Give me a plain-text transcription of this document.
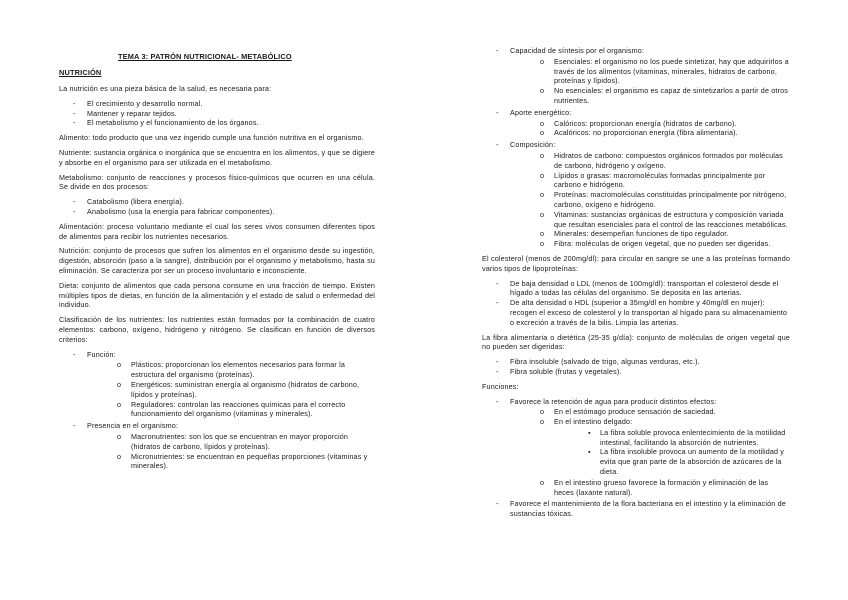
TEMA 3: PATRÓN NUTRICIONAL- METABÓLICO
NUTRICIÓN

La nutrición es una pieza básica de la salud, es necesaria para:

- El crecimiento y desarrollo normal.
- Mantener y reparar tejidos.
- El metabolismo y el funcionamiento de los órganos.

Alimento: todo producto que una vez ingerido cumple una función nutritiva en el organismo.

Nutriente: sustancia orgánica o inorgánica que se encuentra en los alimentos, y que se digiere y absorbe en el organismo para ser utilizada en el metabolismo.

Metabolismo: conjunto de reacciones y procesos físico-químicos que ocurren en una célula. Se divide en dos procesos:

- Catabolismo (libera energía).
- Anabolismo (usa la energía para fabricar componentes).

Alimentación: proceso voluntario mediante el cual los seres vivos consumen diferentes tipos de alimentos para recibir los nutrientes necesarios.

Nutrición: conjunto de procesos que sufren los alimentos en el organismo desde su ingestión, digestión, absorción (paso a la sangre), distribución por el organismo y metabolismo, hasta su eliminación. Se caracteriza por ser un proceso involuntario e inconsciente.

Dieta: conjunto de alimentos que cada persona consume en una fracción de tiempo. Existen múltiples tipos de dietas, en función de la alimentación y el estado de salud o enfermedad del individuo.

Clasificación de los nutrientes: los nutrientes están formados por la combinación de cuatro elementos: carbono, oxígeno, hidrógeno y nitrógeno. Se clasifican en función de diversos criterios:

- Función:
o Plásticos: proporcionan los elementos necesarios para formar la estructura del organismo (proteínas).
o Energéticos: suministran energía al organismo (hidratos de carbono, lípidos y proteínas).
o Reguladores: controlan las reacciones químicas para el correcto funcionamiento del organismo (vitaminas y minerales).
- Presencia en el organismo:
o Macronutrientes: son los que se encuentran en mayor proporción (hidratos de carbono, lípidos y proteínas).
o Micronutrientes: se encuentran en pequeñas proporciones (vitaminas y minerales).
- Capacidad de síntesis por el organismo:
o Esenciales: el organismo no los puede sintetizar, hay que adquirirlos a través de los alimentos (vitaminas, minerales, hidratos de carbono, proteínas y lípidos).
o No esenciales: el organismo es capaz de sintetizarlos a partir de otros nutrientes.
- Aporte energético:
o Calóricos: proporcionan energía (hidratos de carbono).
o Acalóricos: no proporcionan energía (fibra alimentaria).
- Composición:
o Hidratos de carbono: compuestos orgánicos formados por moléculas de carbono, hidrógeno y oxígeno.
o Lípidos o grasas: macromoléculas formadas principalmente por carbono e hidrógeno.
o Proteínas: macromoléculas constituidas principalmente por nitrógeno, carbono, oxígeno e hidrógeno.
o Vitaminas: sustancias orgánicas de estructura y composición variada que resultan esenciales para el control de las reacciones metabólicas.
o Minerales: desempeñan funciones de tipo regulador.
o Fibra: moléculas de origen vegetal, que no pueden ser digeridas.

El colesterol (menos de 200mg/dl): para circular en sangre se une a las proteínas formando varios tipos de lipoproteínas:

- De baja densidad o LDL (menos de 100mg/dl): transportan el colesterol desde el hígado a todas las células del organismo. Se deposita en las arterias.
- De alta densidad o HDL (superior a 35mg/dl en hombre y 40mg/dl en mujer): recogen el exceso de colesterol y lo transportan al hígado para su almacenamiento o excreción a través de la bilis. Limpia las arterias.

La fibra alimentaria o dietética (25-35 g/día): conjunto de moléculas de origen vegetal que no pueden ser digeridas:

- Fibra insoluble (salvado de trigo, algunas verduras, etc.).
- Fibra soluble (frutas y vegetales).

Funciones:

- Favorece la retención de agua para producir distintos efectos:
o En el estómago produce sensación de saciedad.
o En el intestino delgado:
▪ La fibra soluble provoca enlentecimiento de la motilidad intestinal, facilitando la absorción de nutrientes.
▪ La fibra insoluble provoca un aumento de la motilidad y evita que gran parte de la absorción de azúcares de la dieta.
o En el intestino grueso favorece la formación y eliminación de las heces (laxante natural).
- Favorece el mantenimiento de la flora bacteriana en el intestino y la eliminación de sustancias tóxicas.
